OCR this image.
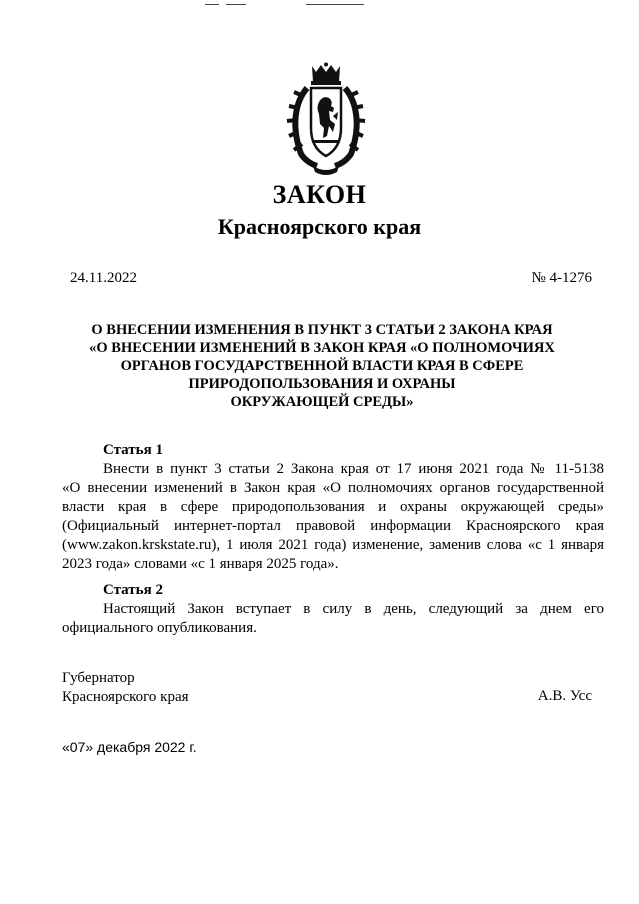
ЗАКОН
Красноярского края
24.11.2022	№ 4-1276
О ВНЕСЕНИИ ИЗМЕНЕНИЯ В ПУНКТ 3 СТАТЬИ 2 ЗАКОНА КРАЯ
«О ВНЕСЕНИИ ИЗМЕНЕНИЙ В ЗАКОН КРАЯ «О ПОЛНОМОЧИЯХ
ОРГАНОВ ГОСУДАРСТВЕННОЙ ВЛАСТИ КРАЯ В СФЕРЕ
ПРИРОДОПОЛЬЗОВАНИЯ И ОХРАНЫ
ОКРУЖАЮЩЕЙ СРЕДЫ»
Статья 1
Внести в пункт 3 статьи 2 Закона края от 17 июня 2021 года № 11-5138
«О внесении изменений в Закон края «О полномочиях органов государственной
власти края в сфере природопользования и охраны окружающей среды»
(Официальный интернет-портал правовой информации Красноярского края
(www.zakon.krskstate.ru), 1 июля 2021 года) изменение, заменив слова «с 1 января
2023 года» словами «с 1 января 2025 года».
Статья 2
Настоящий Закон вступает в силу в день, следующий за днем его
официального опубликования.
Губернатор
Красноярского края	А.В. Усс
«07» декабря 2022 г.
